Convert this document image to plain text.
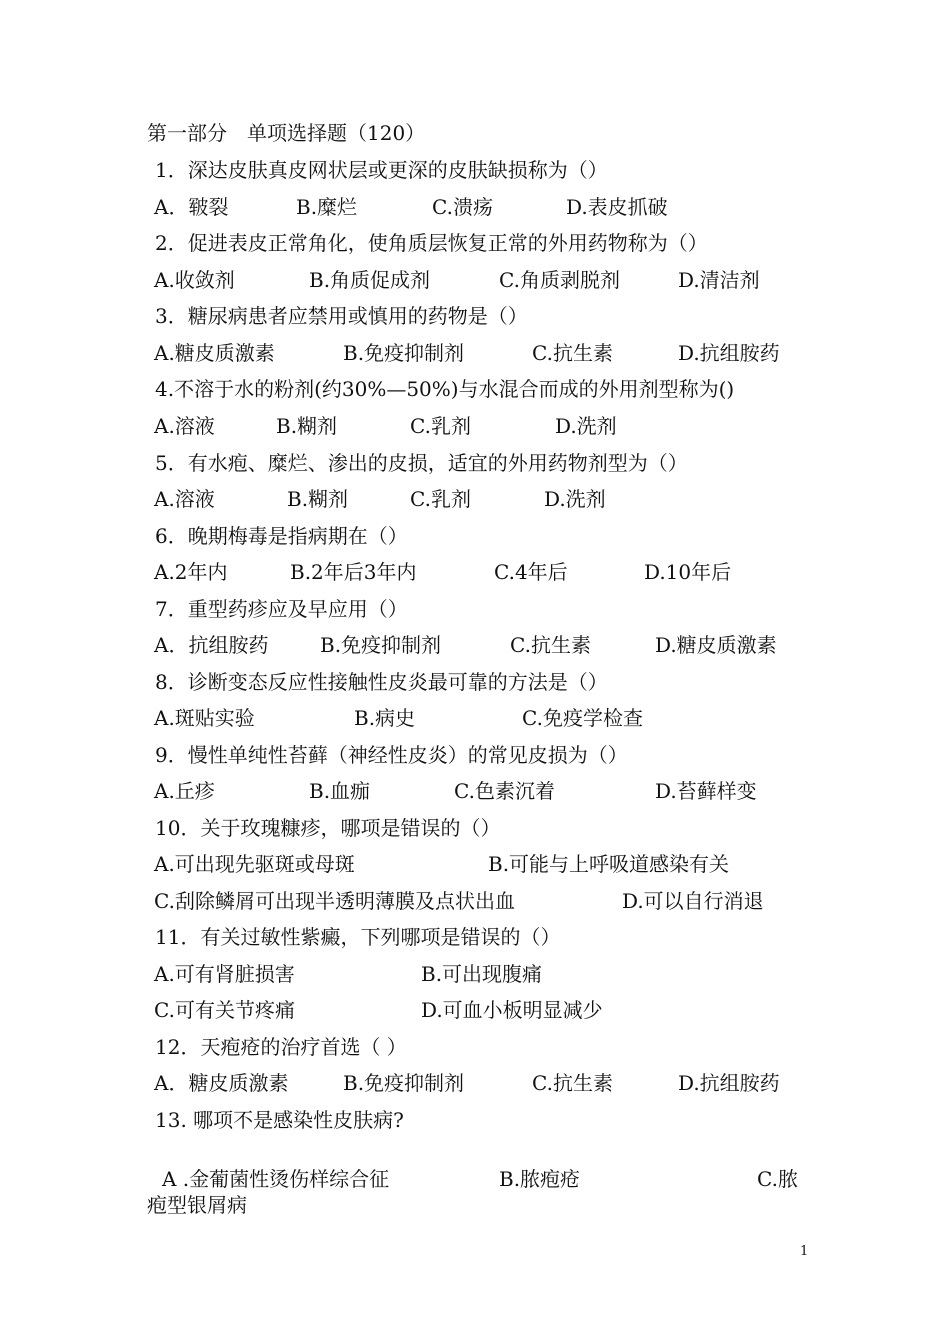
第一部分　单项选择题（120）
1．深达皮肤真皮网状层或更深的皮肤缺损称为（）
A．皲裂	B.糜烂	C.溃疡	D.表皮抓破
2．促进表皮正常角化，使角质层恢复正常的外用药物称为（）
A.收敛剂	B.角质促成剂	C.角质剥脱剂	D.清洁剂
3．糖尿病患者应禁用或慎用的药物是（）
A.糖皮质激素	B.免疫抑制剂	C.抗生素	D.抗组胺药
4.不溶于水的粉剂(约30%—50%)与水混合而成的外用剂型称为()
A.溶液	B.糊剂	C.乳剂	D.洗剂
5．有水疱、糜烂、渗出的皮损，适宜的外用药物剂型为（）
A.溶液	B.糊剂	C.乳剂	D.洗剂
6．晚期梅毒是指病期在（）
A.2年内	B.2年后3年内	C.4年后	D.10年后
7．重型药疹应及早应用（）
A．抗组胺药	B.免疫抑制剂	C.抗生素	D.糖皮质激素
8．诊断变态反应性接触性皮炎最可靠的方法是（）
A.斑贴实验	B.病史	C.免疫学检查
9．慢性单纯性苔藓（神经性皮炎）的常见皮损为（）
A.丘疹	B.血痂	C.色素沉着	D.苔藓样变
10．关于玫瑰糠疹，哪项是错误的（）
A.可出现先驱斑或母斑	B.可能与上呼吸道感染有关
C.刮除鳞屑可出现半透明薄膜及点状出血	D.可以自行消退
11．有关过敏性紫癜，下列哪项是错误的（）
A.可有肾脏损害	B.可出现腹痛
C.可有关节疼痛	D.可血小板明显减少
12．天疱疮的治疗首选（ ）
A．糖皮质激素	B.免疫抑制剂	C.抗生素	D.抗组胺药
13. 哪项不是感染性皮肤病?
A .金葡菌性烫伤样综合征	B.脓疱疮	C.脓
疱型银屑病
1
